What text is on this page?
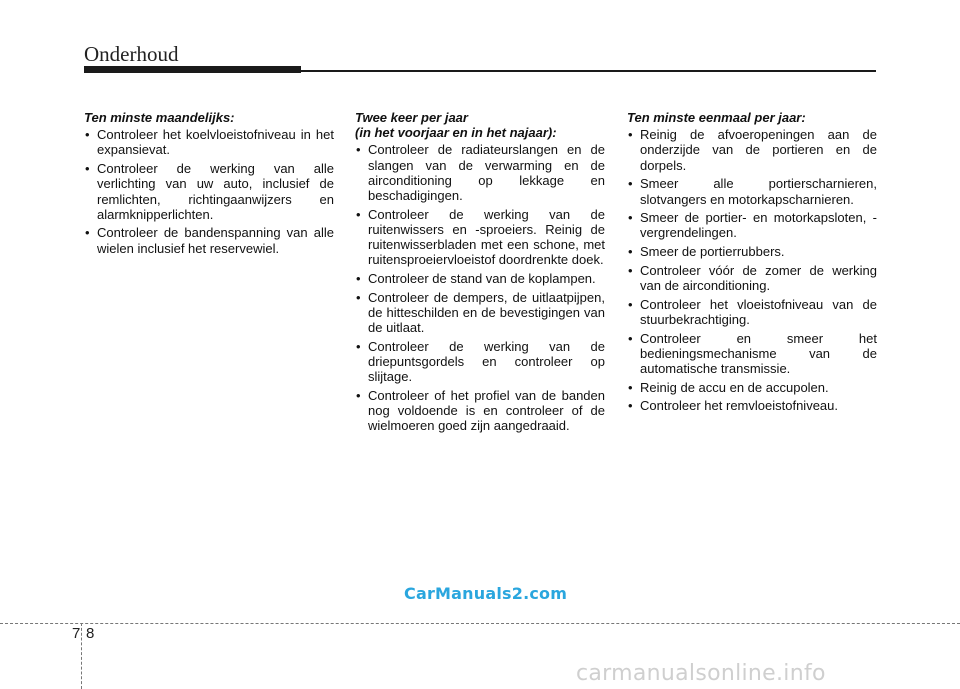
Onderhoud
Ten minste maandelijks:
• Controleer het koelvloeistofniveau in het expansievat.
• Controleer de werking van alle verlichting van uw auto, inclusief de remlichten, richtingaanwijzers en alarmknipperlichten.
• Controleer de bandenspanning van alle wielen inclusief het reservewiel.
Twee keer per jaar
(in het voorjaar en in het najaar):
• Controleer de radiateurslangen en de slangen van de verwarming en de airconditioning op lekkage en beschadigingen.
• Controleer de werking van de ruitenwissers en -sproeiers. Reinig de ruitenwisserbladen met een schone, met ruitensproeiervloeistof doordrenkte doek.
• Controleer de stand van de koplampen.
• Controleer de dempers, de uitlaatpijpen, de hitteschilden en de bevestigingen van de uitlaat.
• Controleer de werking van de driepuntsgordels en controleer op slijtage.
• Controleer of het profiel van de banden nog voldoende is en controleer of de wielmoeren goed zijn aangedraaid.
Ten minste eenmaal per jaar:
• Reinig de afvoeropeningen aan de onderzijde van de portieren en de dorpels.
• Smeer alle portierscharnieren, slotvangers en motorkapscharnieren.
• Smeer de portier- en motorkapsloten, -vergrendelingen.
• Smeer de portierrubbers.
• Controleer vóór de zomer de werking van de airconditioning.
• Controleer het vloeistofniveau van de stuurbekrachtiging.
• Controleer en smeer het bedieningsmechanisme van de automatische transmissie.
• Reinig de accu en de accupolen.
• Controleer het remvloeistofniveau.
CarManuals2.com
7 8
carmanualsonline.info
